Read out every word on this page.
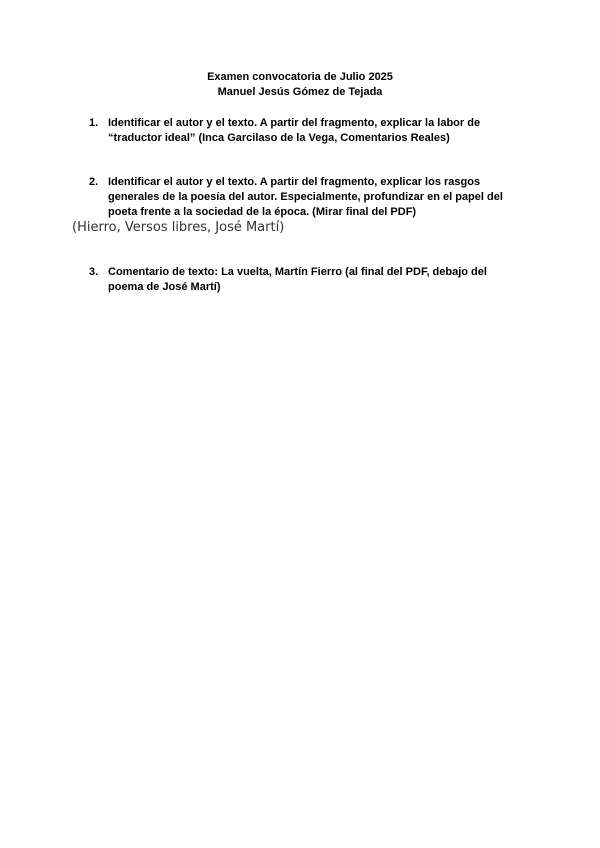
Examen convocatoria de Julio 2025
Manuel Jesús Gómez de Tejada
1. Identificar el autor y el texto. A partir del fragmento, explicar la labor de “traductor ideal” (Inca Garcilaso de la Vega, Comentarios Reales)
2. Identificar el autor y el texto. A partir del fragmento, explicar los rasgos generales de la poesía del autor. Especialmente, profundizar en el papel del poeta frente a la sociedad de la época. (Mirar final del PDF)
(Hierro, Versos libres, José Martí)
3. Comentario de texto: La vuelta, Martín Fierro (al final del PDF, debajo del poema de José Martí)
